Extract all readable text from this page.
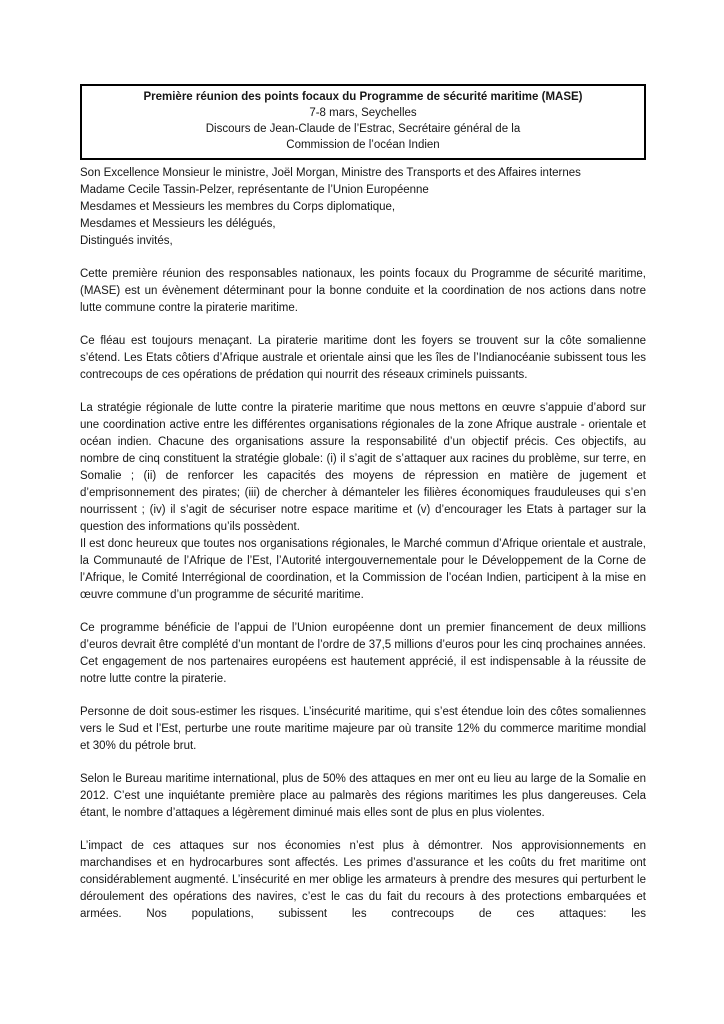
Première réunion des points focaux du Programme de sécurité maritime (MASE)
7-8 mars, Seychelles
Discours de Jean-Claude de l’Estrac, Secrétaire général de la
Commission de l’océan Indien
Son Excellence Monsieur le ministre, Joël Morgan, Ministre des Transports et des Affaires internes
Madame Cecile Tassin-Pelzer, représentante de l’Union Européenne
Mesdames et Messieurs les membres du Corps diplomatique,
Mesdames et Messieurs les délégués,
Distingués invités,

Cette première réunion des responsables nationaux, les points focaux du Programme de sécurité maritime, (MASE) est un évènement déterminant pour la bonne conduite et la coordination de nos actions dans notre lutte commune contre la piraterie maritime.

Ce fléau est toujours menaçant. La piraterie maritime dont les foyers se trouvent sur la côte somalienne s’étend. Les Etats côtiers d’Afrique australe et orientale ainsi que les îles de l’Indianocéanie subissent tous les contrecoups de ces opérations de prédation qui nourrit des réseaux criminels puissants.

La stratégie régionale de lutte contre la piraterie maritime que nous mettons en œuvre s’appuie d’abord sur une coordination active entre les différentes organisations régionales de la zone Afrique australe - orientale et océan indien. Chacune des organisations assure la responsabilité d’un objectif précis. Ces objectifs, au nombre de cinq constituent la stratégie globale: (i) il s’agit de s’attaquer aux racines du problème, sur terre, en Somalie ; (ii) de renforcer les capacités des moyens de répression en matière de jugement et d’emprisonnement des pirates; (iii) de chercher à démanteler les filières économiques frauduleuses qui s’en nourrissent ; (iv) il s’agit de sécuriser notre espace maritime et (v) d’encourager les Etats à partager sur la question des informations qu’ils possèdent.

Il est donc heureux que toutes nos organisations régionales, le Marché commun d’Afrique orientale et australe, la Communauté de l’Afrique de l’Est, l’Autorité intergouvernementale pour le Développement de la Corne de l’Afrique, le Comité Interrégional de coordination, et la Commission de l’océan Indien, participent à la mise en œuvre commune d’un programme de sécurité maritime.

Ce programme bénéficie de l’appui de l’Union européenne dont un premier financement de deux millions d’euros devrait être complété d’un montant de l’ordre de 37,5 millions d’euros pour les cinq prochaines années. Cet engagement de nos partenaires européens est hautement apprécié, il est indispensable à la réussite de notre lutte contre la piraterie.

Personne de doit sous-estimer les risques. L’insécurité maritime, qui s’est étendue loin des côtes somaliennes vers le Sud et l’Est, perturbe une route maritime majeure par où transite 12% du commerce maritime mondial et 30% du pétrole brut.

Selon le Bureau maritime international, plus de 50% des attaques en mer ont eu lieu au large de la Somalie en 2012. C’est une inquiétante première place au palmarès des régions maritimes les plus dangereuses. Cela étant, le nombre d’attaques a légèrement diminué mais elles sont de plus en plus violentes.

L’impact de ces attaques sur nos économies n’est plus à démontrer. Nos approvisionnements en marchandises et en hydrocarbures sont affectés. Les primes d’assurance et les coûts du fret maritime ont considérablement augmenté. L’insécurité en mer oblige les armateurs à prendre des mesures qui perturbent le déroulement des opérations des navires, c’est le cas du fait du recours à des protections embarquées et armées. Nos populations, subissent les contrecoups de ces attaques: les
